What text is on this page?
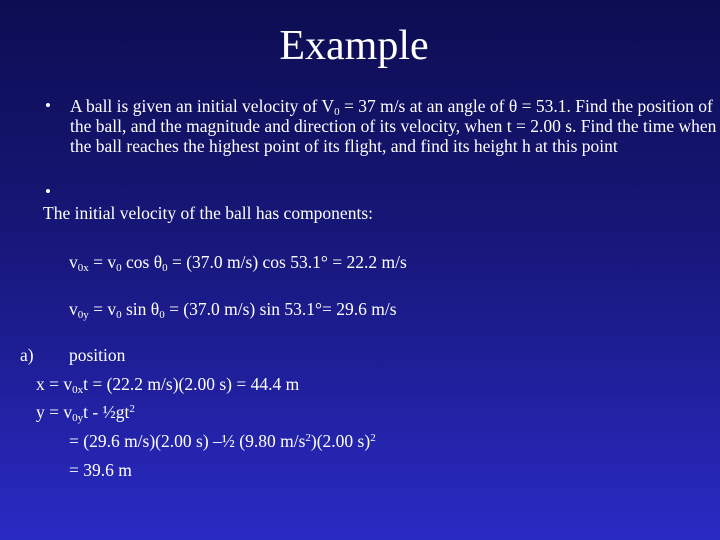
Example
• A ball is given an initial velocity of $V_0 = 37$ m/s at an angle of θ = 53.1. Find the position of the ball, and the magnitude and direction of its velocity, when t = 2.00 s. Find the time when the ball reaches the highest point of its flight, and find its height h at this point
•
The initial velocity of the ball has components:
$v_{0x} = v_0$ $\cos \theta_0 = (37.0$ m/s) cos 53.1° = 22.2 m/s
$v_{0y} = v_0$ $\sin \theta_0 = (37.0$ m/s) sin 53.1°= 29.6 m/s
a) position
$x = v_{0x}t = (22.2$ m/s)(2.00 s) = 44.4 m
$y = v_{0y}t$ - $\frac{1}{2}gt^2$
= (29.6 m/s)(2.00 s) –½ (9.80 $m/s^2)(2.00$ s)$^2$
= 39.6 m
